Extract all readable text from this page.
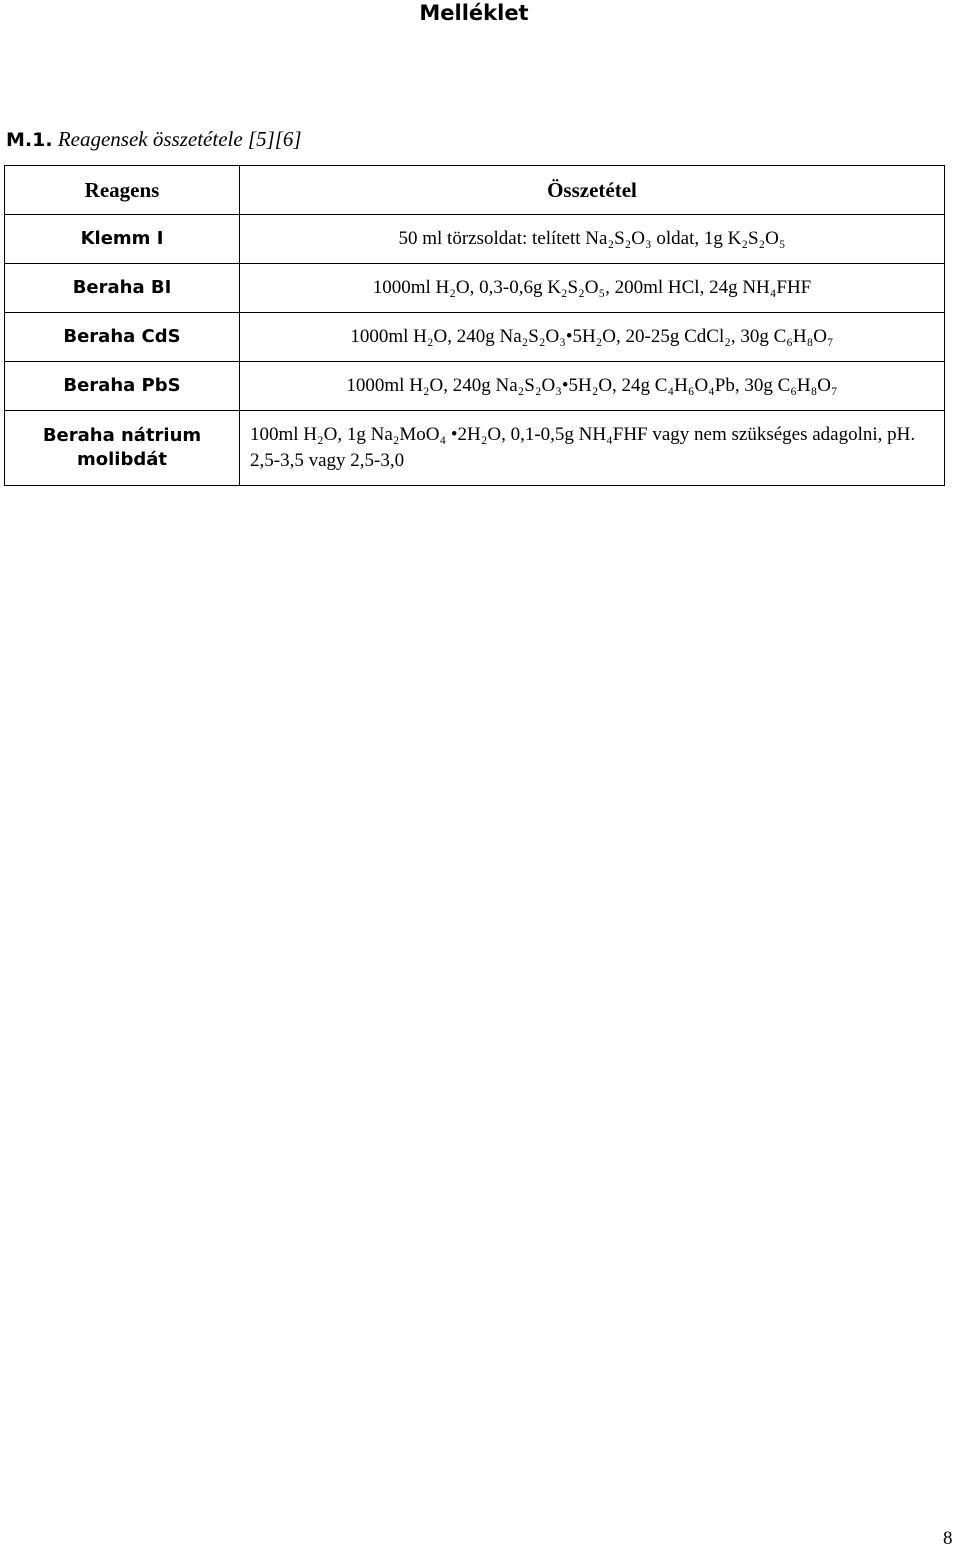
Melléklet
M.1. Reagensek összetétele [5][6]
Reagens	Összetétel
Klemm I	50 ml törzsoldat: telített Na₂S₂O₃ oldat, 1g K₂S₂O₅
Beraha BI	1000ml H₂O, 0,3-0,6g K₂S₂O₅, 200ml HCl, 24g NH₄FHF
Beraha CdS	1000ml H₂O, 240g Na₂S₂O₃•5H₂O, 20-25g CdCl₂, 30g C₆H₈O₇
Beraha PbS	1000ml H₂O, 240g Na₂S₂O₃•5H₂O, 24g C₄H₆O₄Pb, 30g C₆H₈O₇
Beraha nátrium molibdát	100ml H₂O, 1g Na₂MoO₄ •2H₂O, 0,1-0,5g NH₄FHF vagy nem szükséges adagolni, pH. 2,5-3,5 vagy 2,5-3,0
8
